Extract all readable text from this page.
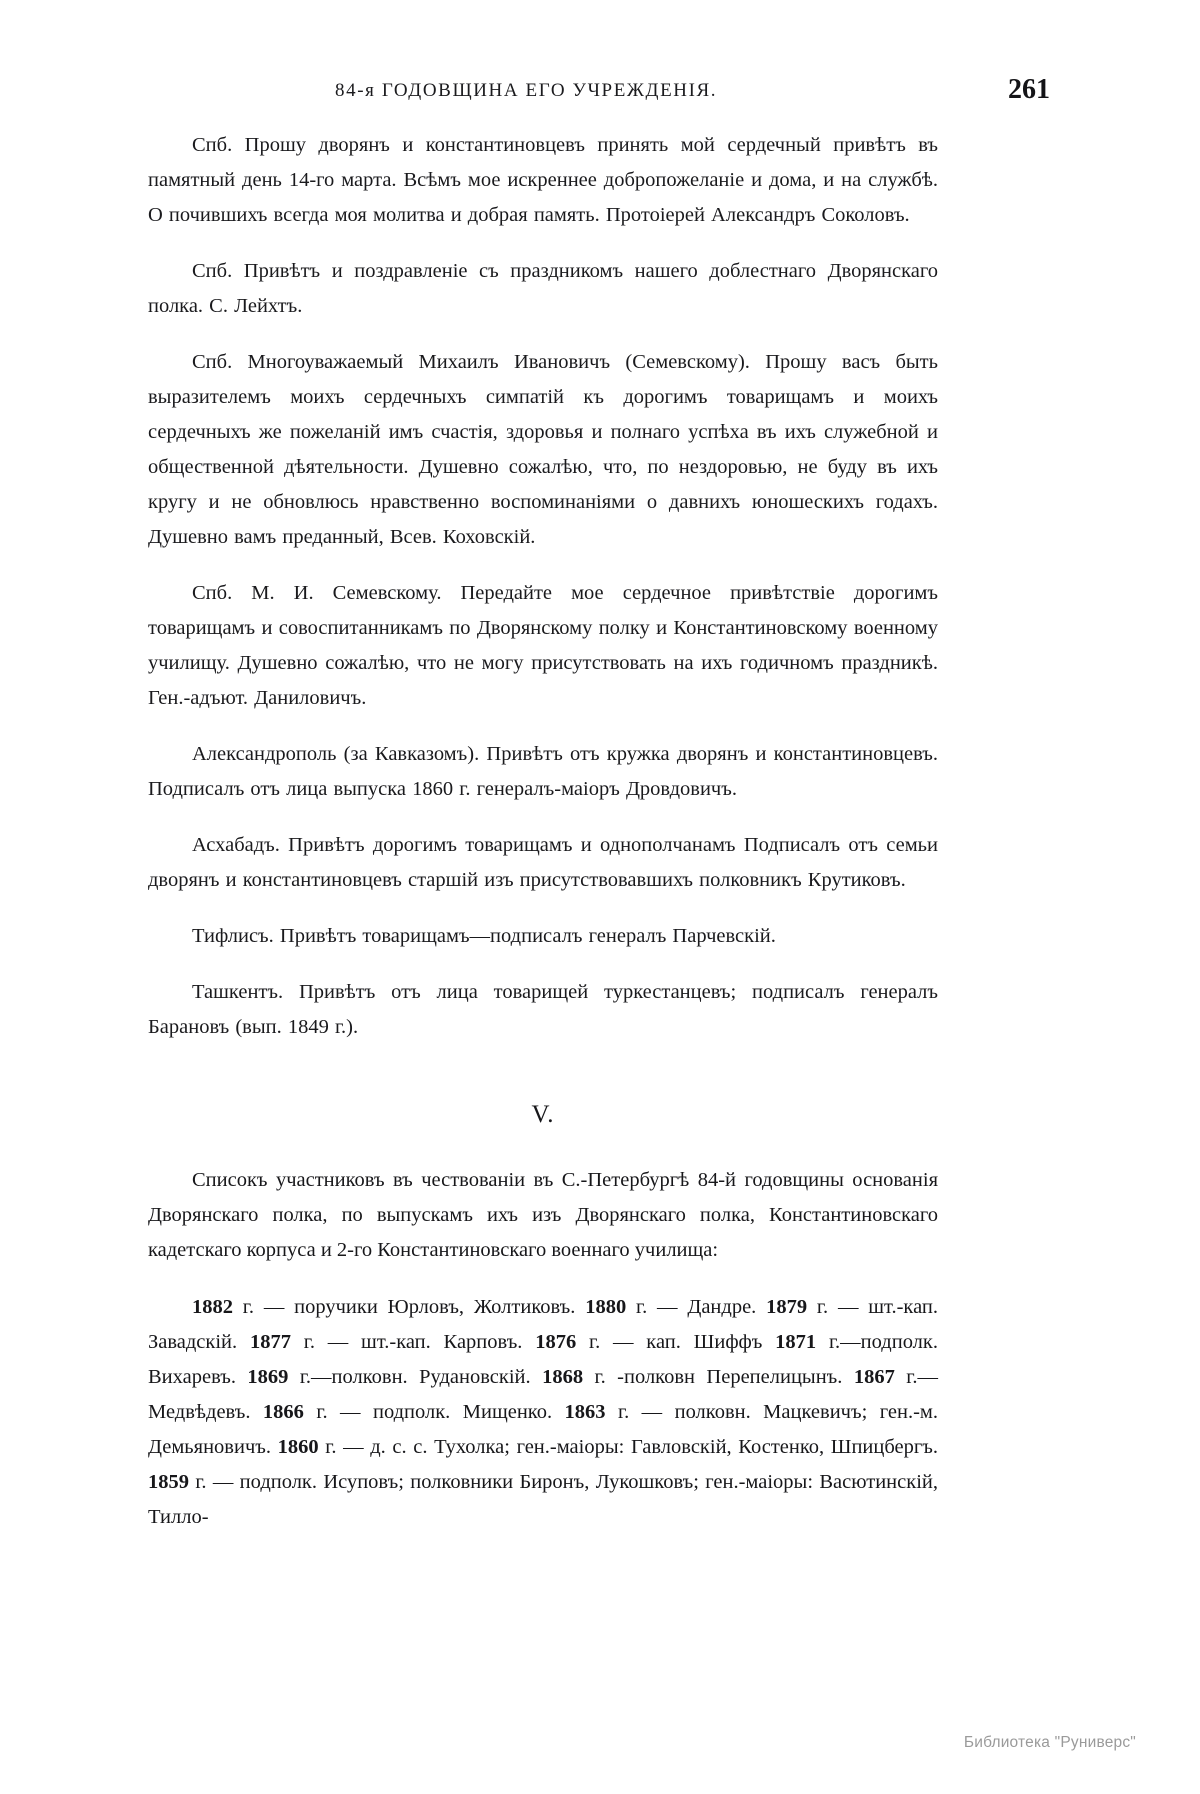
84-я ГОДОВЩИНА ЕГО УЧРЕЖДЕНІЯ.	261

Спб. Прошу дворянъ и константиновцевъ принять мой сердечный привѣтъ въ памятный день 14-го марта. Всѣмъ мое искреннее добропожеланіе и дома, и на службѣ. О почившихъ всегда моя молитва и добрая память. Протоіерей Александръ Соколовъ.

Спб. Привѣтъ и поздравленіе съ праздникомъ нашего доблестнаго Дворянскаго полка. С. Лейхтъ.

Спб. Многоуважаемый Михаилъ Ивановичъ (Семевскому). Прошу васъ быть выразителемъ моихъ сердечныхъ симпатій къ дорогимъ товарищамъ и моихъ сердечныхъ же пожеланій имъ счастія, здоровья и полнаго успѣха въ ихъ служебной и общественной дѣятельности. Душевно сожалѣю, что, по нездоровью, не буду въ ихъ кругу и не обновлюсь нравственно воспоминаніями о давнихъ юношескихъ годахъ. Душевно вамъ преданный, Всев. Коховскій.

Спб. М. И. Семевскому. Передайте мое сердечное привѣтствіе дорогимъ товарищамъ и совоспитанникамъ по Дворянскому полку и Константиновскому военному училищу. Душевно сожалѣю, что не могу присутствовать на ихъ годичномъ праздникѣ. Ген.-адъют. Даниловичъ.

Александрополь (за Кавказомъ). Привѣтъ отъ кружка дворянъ и константиновцевъ. Подписалъ отъ лица выпуска 1860 г. генералъ-маіоръ Дровдовичъ.

Асхабадъ. Привѣтъ дорогимъ товарищамъ и однополчанамъ Подписалъ отъ семьи дворянъ и константиновцевъ старшій изъ присутствовавшихъ полковникъ Крутиковъ.

Тифлисъ. Привѣтъ товарищамъ—подписалъ генералъ Парчевскій.

Ташкентъ. Привѣтъ отъ лица товарищей туркестанцевъ; подписалъ генералъ Барановъ (вып. 1849 г.).

V.

Списокъ участниковъ въ чествованіи въ С.-Петербургѣ 84-й годовщины основанія Дворянскаго полка, по выпускамъ ихъ изъ Дворянскаго полка, Константиновскаго кадетскаго корпуса и 2-го Константиновскаго военнаго училища:

1882 г. — поручики Юрловъ, Жолтиковъ. 1880 г. — Дандре. 1879 г. — шт.-кап. Завадскій. 1877 г. — шт.-кап. Карповъ. 1876 г. — кап. Шиффъ 1871 г.—подполк. Вихаревъ. 1869 г.—полковн. Рудановскій. 1868 г. -полковн Перепелицынъ. 1867 г.—Медвѣдевъ. 1866 г. — подполк. Мищенко. 1863 г. — полковн. Мацкевичъ; ген.-м. Демьяновичъ. 1860 г. — д. с. с. Тухолка; ген.-маіоры: Гавловскій, Костенко, Шпицбергъ. 1859 г. — подполк. Исуповъ; полковники Биронъ, Лукошковъ; ген.-маіоры: Васютинскій, Тилло-

Библиотека "Руниверс"
